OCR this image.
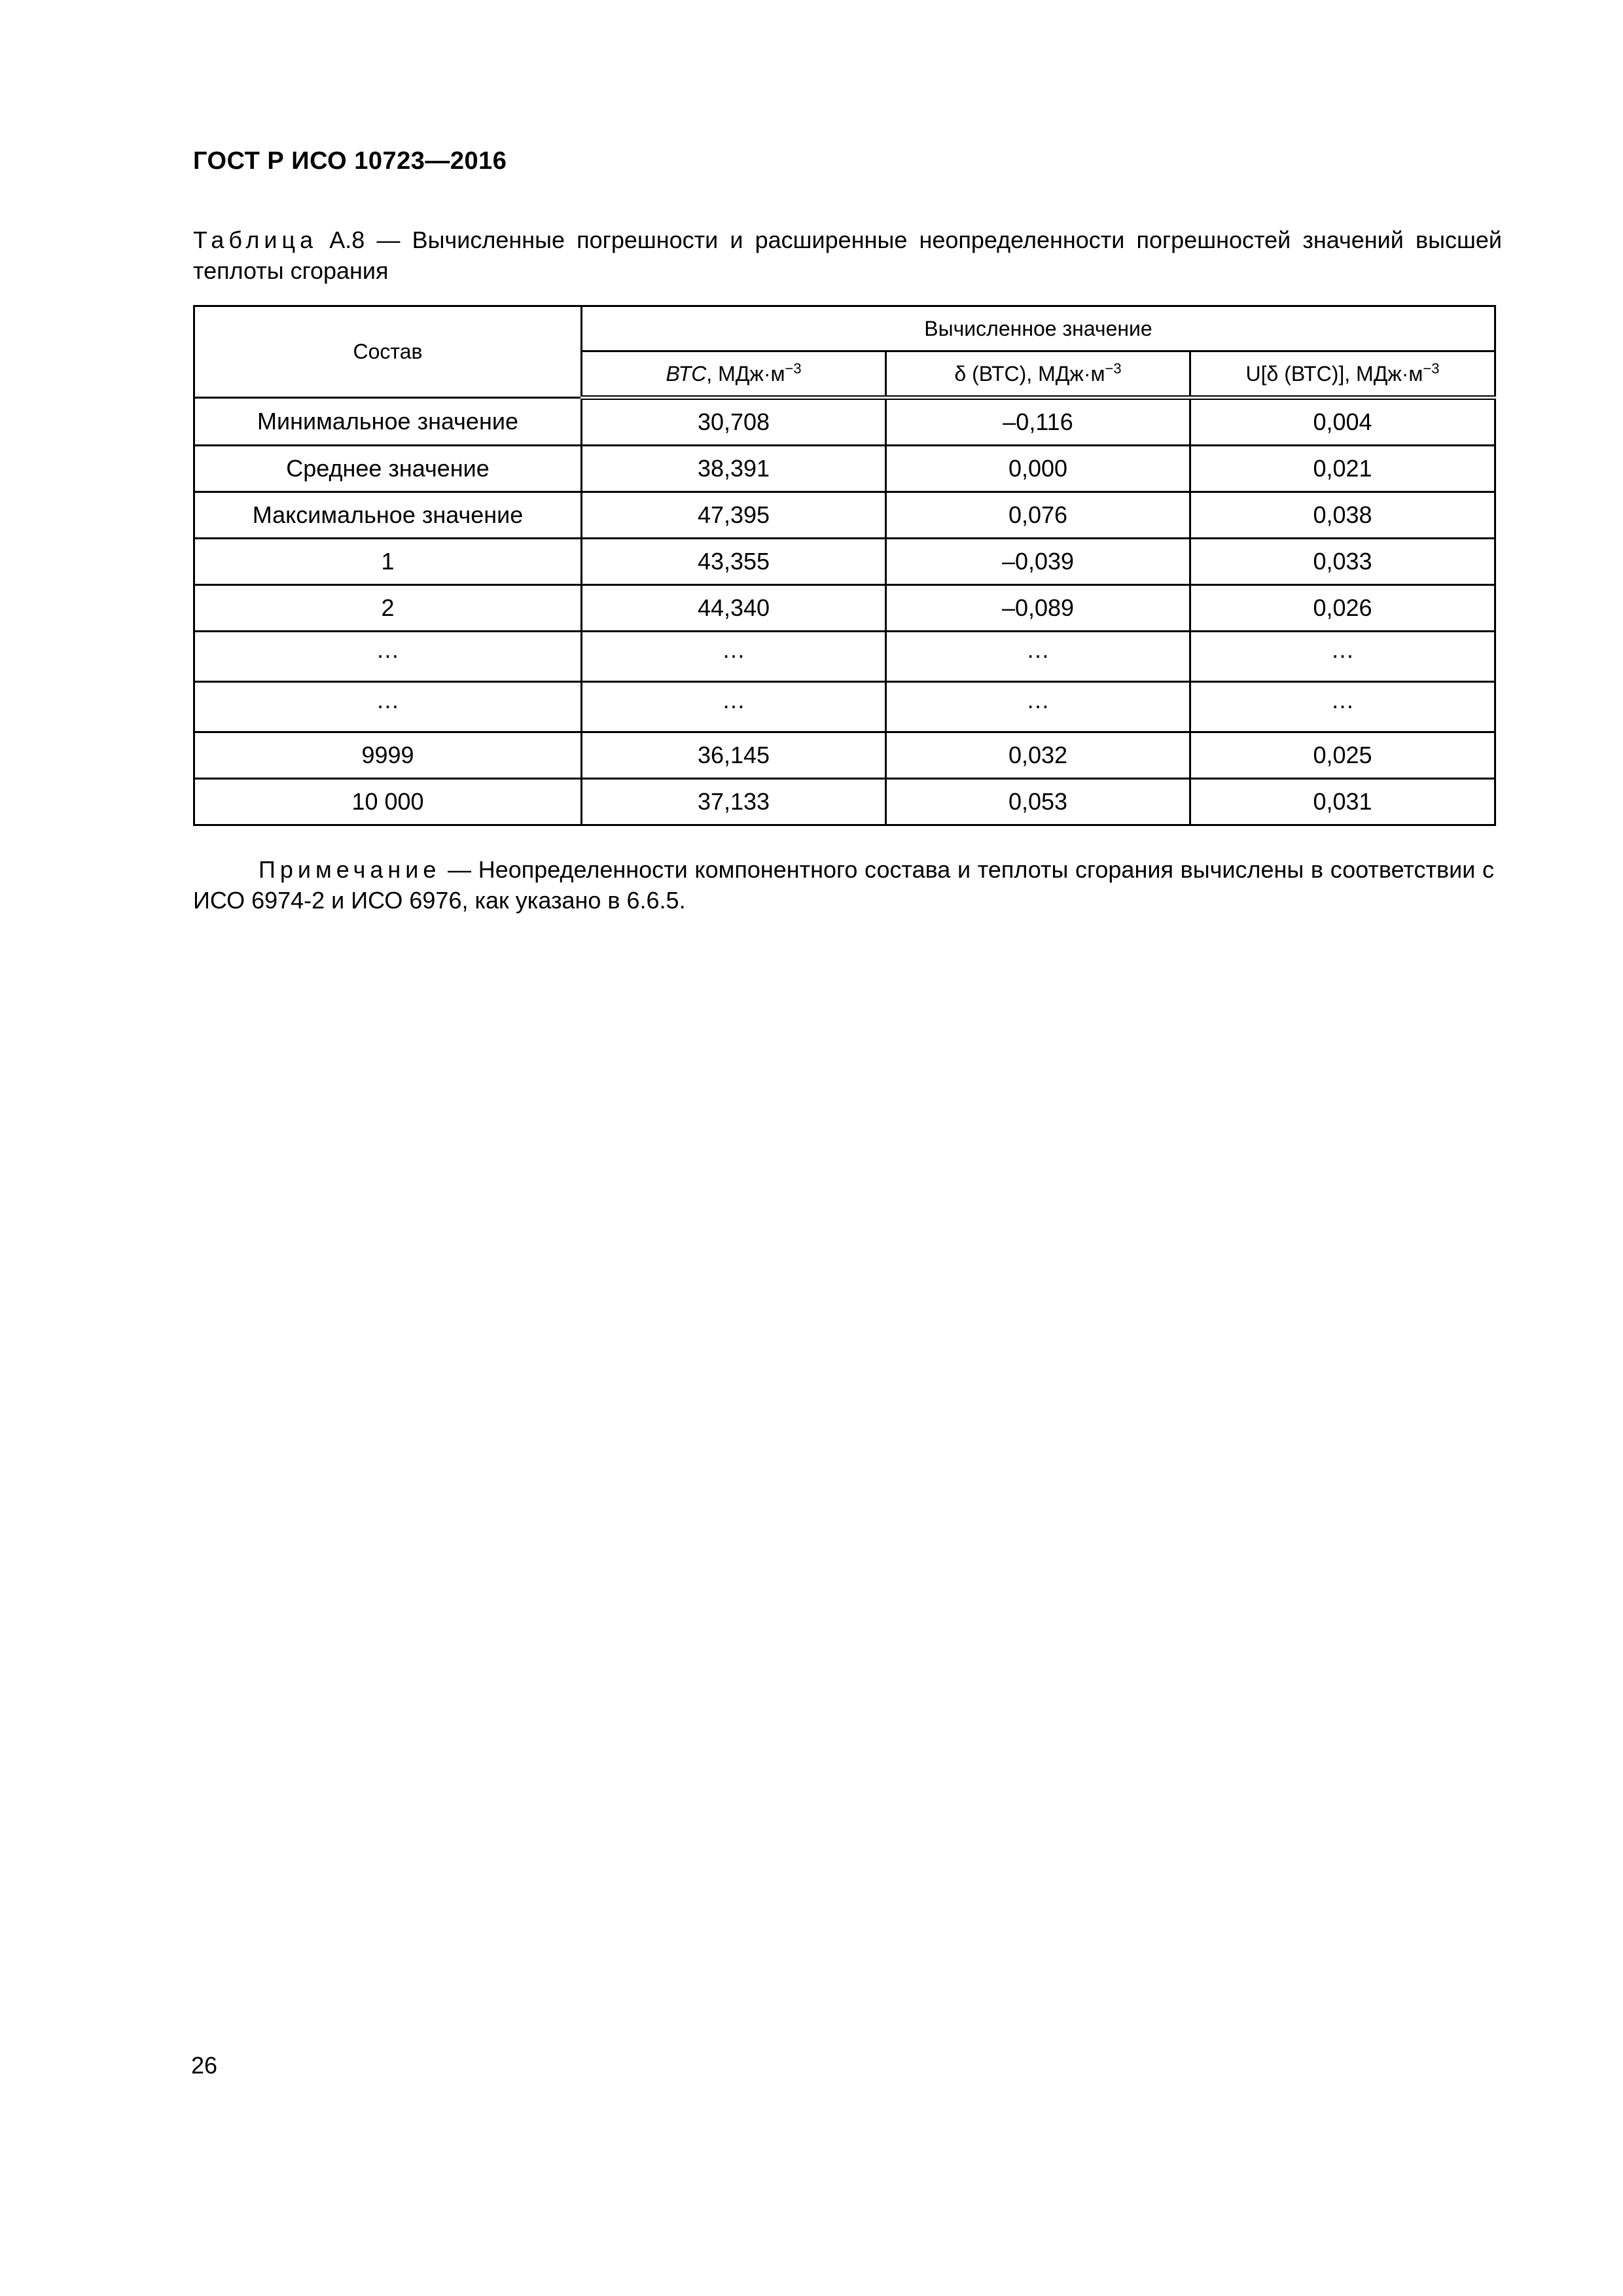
ГОСТ Р ИСО 10723—2016
Таблица А.8 — Вычисленные погрешности и расширенные неопределенности погрешностей значений высшей теплоты сгорания
Состав	Вычисленное значение		
	ВТС, $МДж\cdot м^{-3}$	δ (ВТС), $МДж\cdot м^{-3}$	U[δ (ВТС)], $МДж\cdot м^{-3}$
Минимальное значение	30,708	–0,116	0,004
Среднее значение	38,391	0,000	0,021
Максимальное значение	47,395	0,076	0,038
1	43,355	–0,039	0,033
2	44,340	–0,089	0,026
…	…	…	…
…	…	…	…
9999	36,145	0,032	0,025
10 000	37,133	0,053	0,031
Примечание — Неопределенности компонентного состава и теплоты сгорания вычислены в соответствии с ИСО 6974-2 и ИСО 6976, как указано в 6.6.5.
26
